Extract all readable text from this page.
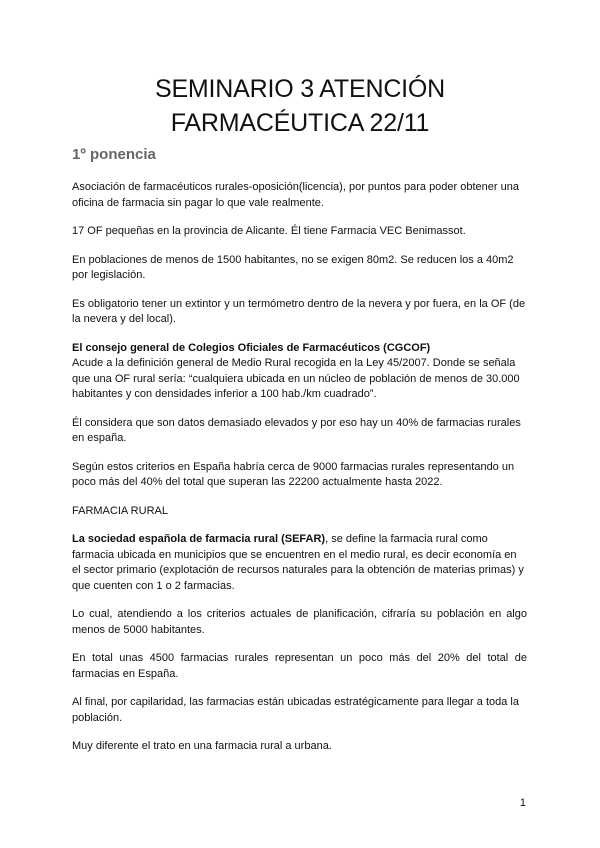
SEMINARIO 3 ATENCIÓN
FARMACÉUTICA 22/11
1º ponencia

Asociación de farmacéuticos rurales-oposición(licencia), por puntos para poder obtener una oficina de farmacia sin pagar lo que vale realmente.

17 OF pequeñas en la provincia de Alicante. Él tiene Farmacia VEC Benimassot.

En poblaciones de menos de 1500 habitantes, no se exigen 80m2. Se reducen los a 40m2 por legislación.

Es obligatorio tener un extintor y un termómetro dentro de la nevera y por fuera, en la OF (de la nevera y del local).

El consejo general de Colegios Oficiales de Farmacéuticos (CGCOF)

Acude a la definición general de Medio Rural recogida en la Ley 45/2007. Donde se señala que una OF rural sería: “cualquiera ubicada en un núcleo de población de menos de 30.000 habitantes y con densidades inferior a 100 hab./km cuadrado”.

Él considera que son datos demasiado elevados y por eso hay un 40% de farmacias rurales en españa.

Según estos criterios en España habría cerca de 9000 farmacias rurales representando un poco más del 40% del total que superan las 22200 actualmente hasta 2022.

FARMACIA RURAL

La sociedad española de farmacia rural (SEFAR), se define la farmacia rural como farmacia ubicada en municipios que se encuentren en el medio rural, es decir economía en el sector primario (explotación de recursos naturales para la obtención de materias primas) y que cuenten con 1 o 2 farmacias.

Lo cual, atendiendo a los criterios actuales de planificación, cifraría su población en algo menos de 5000 habitantes.

En total unas 4500 farmacias rurales representan un poco más del 20% del total de farmacias en España.

Al final, por capilaridad, las farmacias están ubicadas estratégicamente para llegar a toda la población.

Muy diferente el trato en una farmacia rural a urbana.

1
